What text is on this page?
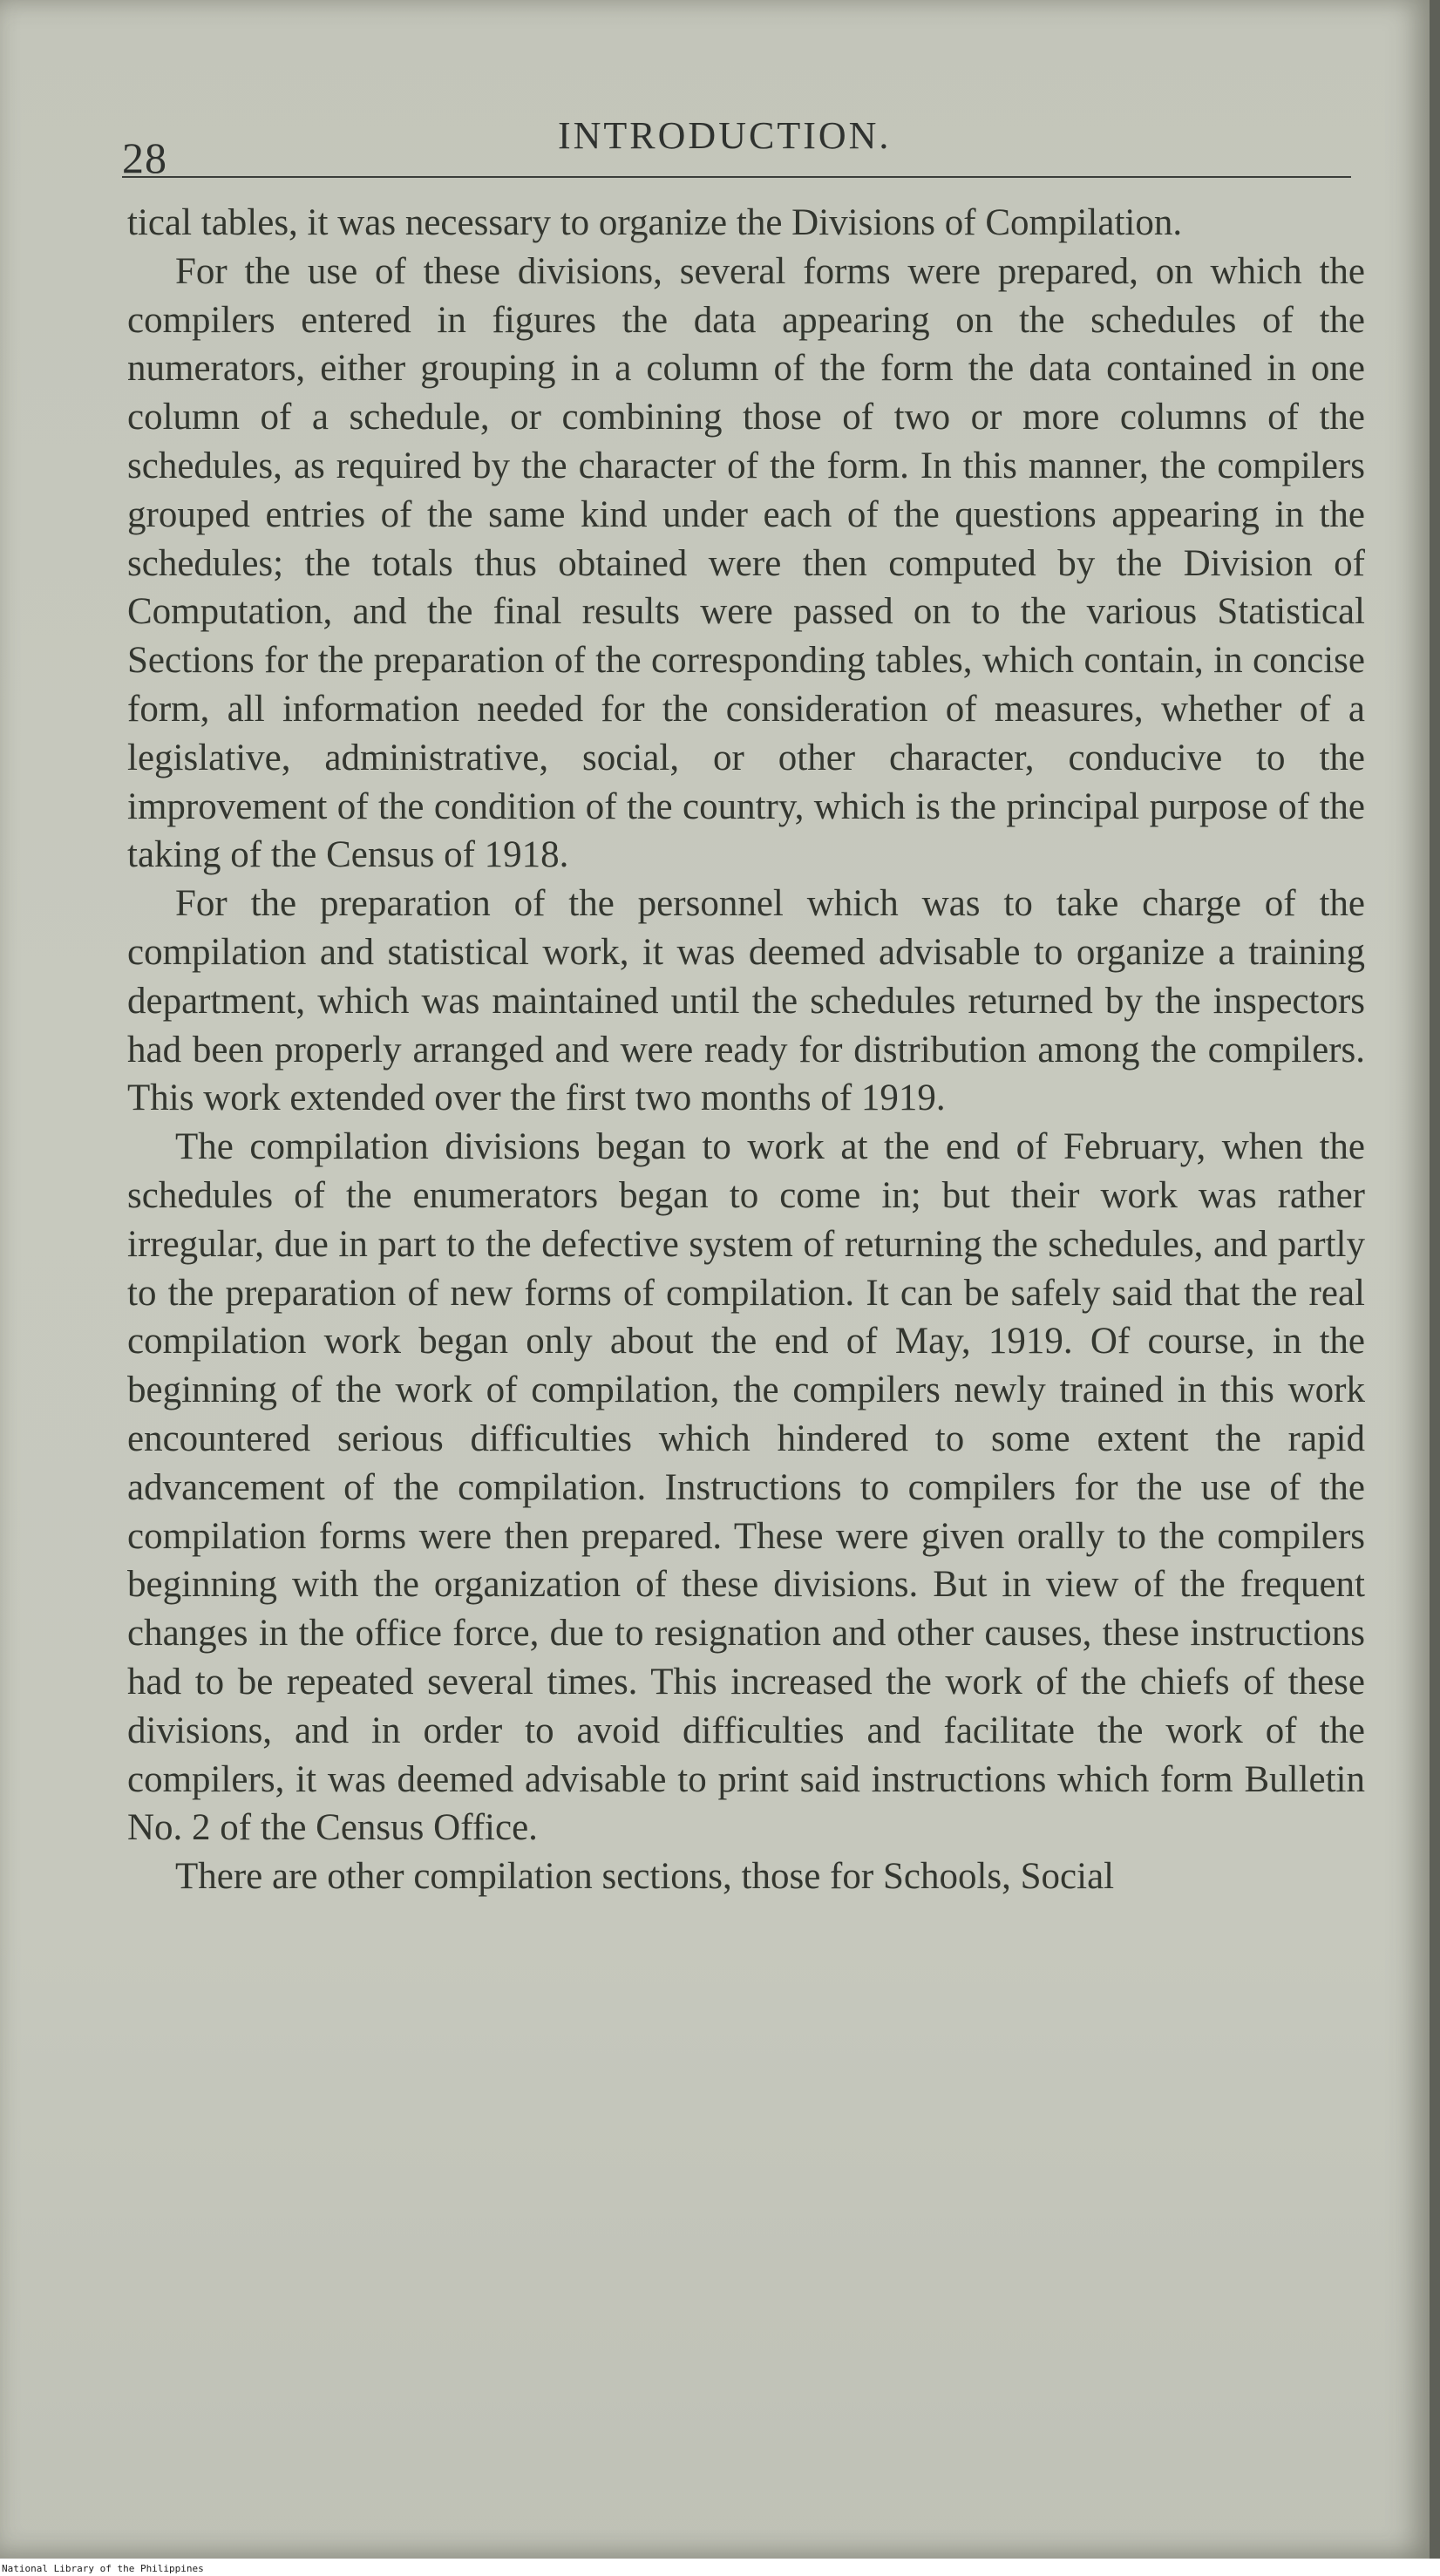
28	INTRODUCTION.

tical tables, it was necessary to organize the Divisions of Compilation.

For the use of these divisions, several forms were prepared, on which the compilers entered in figures the data appearing on the schedules of the numerators, either grouping in a column of the form the data contained in one column of a schedule, or combining those of two or more columns of the schedules, as required by the character of the form. In this manner, the compilers grouped entries of the same kind under each of the questions appearing in the schedules; the totals thus obtained were then computed by the Division of Computation, and the final results were passed on to the various Statistical Sections for the preparation of the corresponding tables, which contain, in concise form, all information needed for the consideration of measures, whether of a legislative, administrative, social, or other character, conducive to the improvement of the condition of the country, which is the principal purpose of the taking of the Census of 1918.

For the preparation of the personnel which was to take charge of the compilation and statistical work, it was deemed advisable to organize a training department, which was maintained until the schedules returned by the inspectors had been properly arranged and were ready for distribution among the compilers. This work extended over the first two months of 1919.

The compilation divisions began to work at the end of February, when the schedules of the enumerators began to come in; but their work was rather irregular, due in part to the defective system of returning the schedules, and partly to the preparation of new forms of compilation. It can be safely said that the real compilation work began only about the end of May, 1919. Of course, in the beginning of the work of compilation, the compilers newly trained in this work encountered serious difficulties which hindered to some extent the rapid advancement of the compilation. Instructions to compilers for the use of the compilation forms were then prepared. These were given orally to the compilers beginning with the organization of these divisions. But in view of the frequent changes in the office force, due to resignation and other causes, these instructions had to be repeated several times. This increased the work of the chiefs of these divisions, and in order to avoid difficulties and facilitate the work of the compilers, it was deemed advisable to print said instructions which form Bulletin No. 2 of the Census Office.

There are other compilation sections, those for Schools, Social

National Library of the Philippines
